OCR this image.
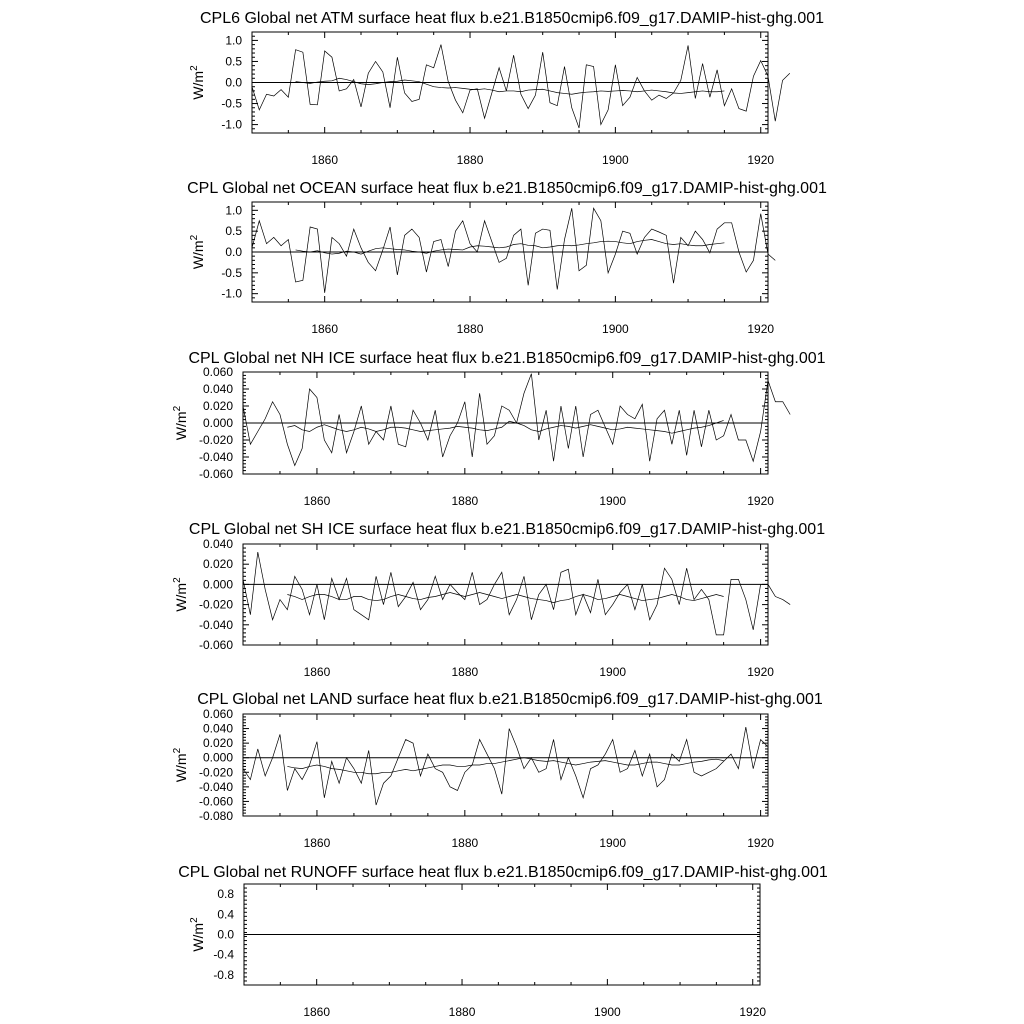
CPL6 Global net ATM surface heat flux b.e21.B1850cmip6.f09_g17.DAMIP-hist-ghg.001
1860	1880	1900	1920
-1.0
-0.5
0.0
0.5
1.0
$W/m^2$
CPL Global net OCEAN surface heat flux b.e21.B1850cmip6.f09_g17.DAMIP-hist-ghg.001
1860	1880	1900	1920
-1.0
-0.5
0.0
0.5
1.0
$W/m^2$
CPL Global net NH ICE surface heat flux b.e21.B1850cmip6.f09_g17.DAMIP-hist-ghg.001
1860	1880	1900	1920
-0.060
-0.040
-0.020
0.000
0.020
0.040
0.060
$W/m^2$
CPL Global net SH ICE surface heat flux b.e21.B1850cmip6.f09_g17.DAMIP-hist-ghg.001
1860	1880	1900	1920
-0.060
-0.040
-0.020
0.000
0.020
0.040
$W/m^2$
CPL Global net LAND surface heat flux b.e21.B1850cmip6.f09_g17.DAMIP-hist-ghg.001
1860	1880	1900	1920
-0.080
-0.060
-0.040
-0.020
0.000
0.020
0.040
0.060
$W/m^2$
CPL Global net RUNOFF surface heat flux b.e21.B1850cmip6.f09_g17.DAMIP-hist-ghg.001
1860	1880	1900	1920
-0.8
-0.4
0.0
0.4
0.8
$W/m^2$
